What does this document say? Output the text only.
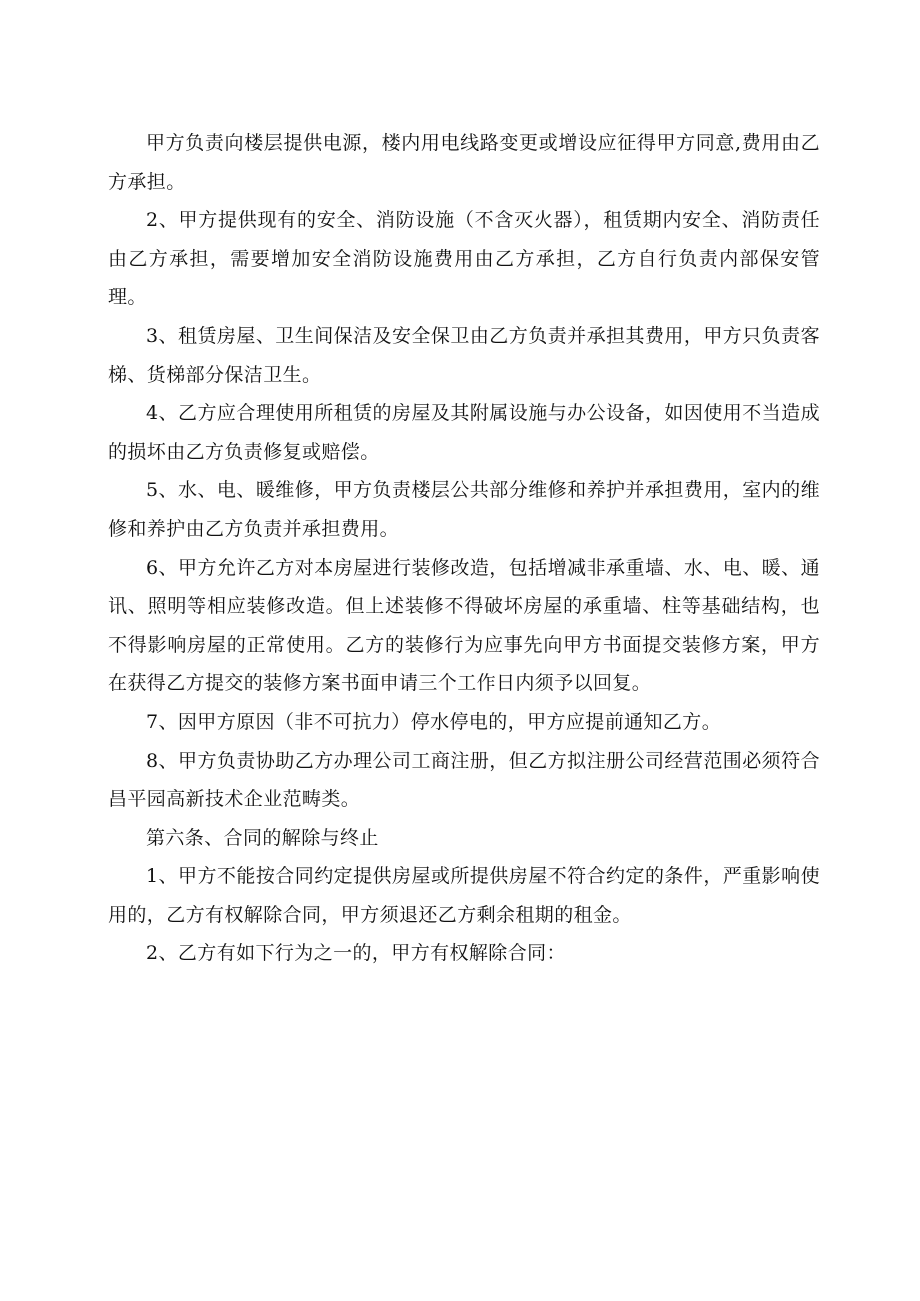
甲方负责向楼层提供电源，楼内用电线路变更或增设应征得甲方同意,费用由乙方承担。

2、甲方提供现有的安全、消防设施（不含灭火器），租赁期内安全、消防责任由乙方承担，需要增加安全消防设施费用由乙方承担，乙方自行负责内部保安管理。

3、租赁房屋、卫生间保洁及安全保卫由乙方负责并承担其费用，甲方只负责客梯、货梯部分保洁卫生。

4、乙方应合理使用所租赁的房屋及其附属设施与办公设备，如因使用不当造成的损坏由乙方负责修复或赔偿。

5、水、电、暖维修，甲方负责楼层公共部分维修和养护并承担费用，室内的维修和养护由乙方负责并承担费用。

6、甲方允许乙方对本房屋进行装修改造，包括增减非承重墙、水、电、暖、通讯、照明等相应装修改造。但上述装修不得破坏房屋的承重墙、柱等基础结构，也不得影响房屋的正常使用。乙方的装修行为应事先向甲方书面提交装修方案，甲方在获得乙方提交的装修方案书面申请三个工作日内须予以回复。

7、因甲方原因（非不可抗力）停水停电的，甲方应提前通知乙方。

8、甲方负责协助乙方办理公司工商注册，但乙方拟注册公司经营范围必须符合昌平园高新技术企业范畴类。

第六条、合同的解除与终止

1、甲方不能按合同约定提供房屋或所提供房屋不符合约定的条件，严重影响使用的，乙方有权解除合同，甲方须退还乙方剩余租期的租金。

2、乙方有如下行为之一的，甲方有权解除合同：
